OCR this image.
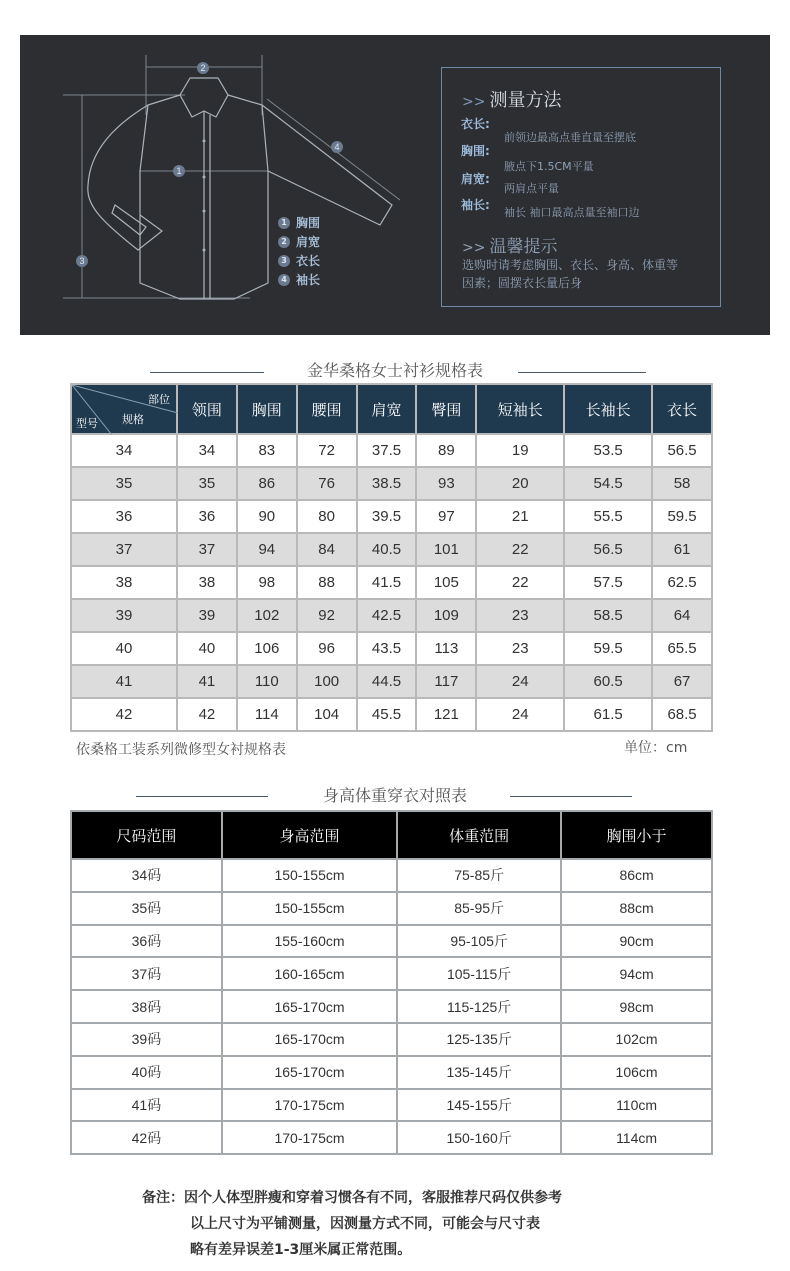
2
1
3
4
1 胸围
2 肩宽
3 衣长
4 袖长
>> 测量方法
衣长:
前领边最高点垂直量至摆底
胸围:
腋点下1.5CM平量
肩宽:
两肩点平量
袖长:
袖长 袖口最高点量至袖口边
>> 温馨提示
选购时请考虑胸围、衣长、身高、体重等
因素；圆摆衣长量后身
金华桑格女士衬衫规格表
部位
规格
型号	领围	胸围	腰围	肩宽	臀围	短袖长	长袖长	衣长
34	34	83	72	37.5	89	19	53.5	56.5
35	35	86	76	38.5	93	20	54.5	58
36	36	90	80	39.5	97	21	55.5	59.5
37	37	94	84	40.5	101	22	56.5	61
38	38	98	88	41.5	105	22	57.5	62.5
39	39	102	92	42.5	109	23	58.5	64
40	40	106	96	43.5	113	23	59.5	65.5
41	41	110	100	44.5	117	24	60.5	67
42	42	114	104	45.5	121	24	61.5	68.5
依桑格工装系列微修型女衬规格表	单位：cm
身高体重穿衣对照表
尺码范围	身高范围	体重范围	胸围小于
34码	150-155cm	75-85斤	86cm
35码	150-155cm	85-95斤	88cm
36码	155-160cm	95-105斤	90cm
37码	160-165cm	105-115斤	94cm
38码	165-170cm	115-125斤	98cm
39码	165-170cm	125-135斤	102cm
40码	165-170cm	135-145斤	106cm
41码	170-175cm	145-155斤	110cm
42码	170-175cm	150-160斤	114cm
备注：因个人体型胖瘦和穿着习惯各有不同，客服推荐尺码仅供参考
以上尺寸为平铺测量，因测量方式不同，可能会与尺寸表
略有差异误差1-3厘米属正常范围。
